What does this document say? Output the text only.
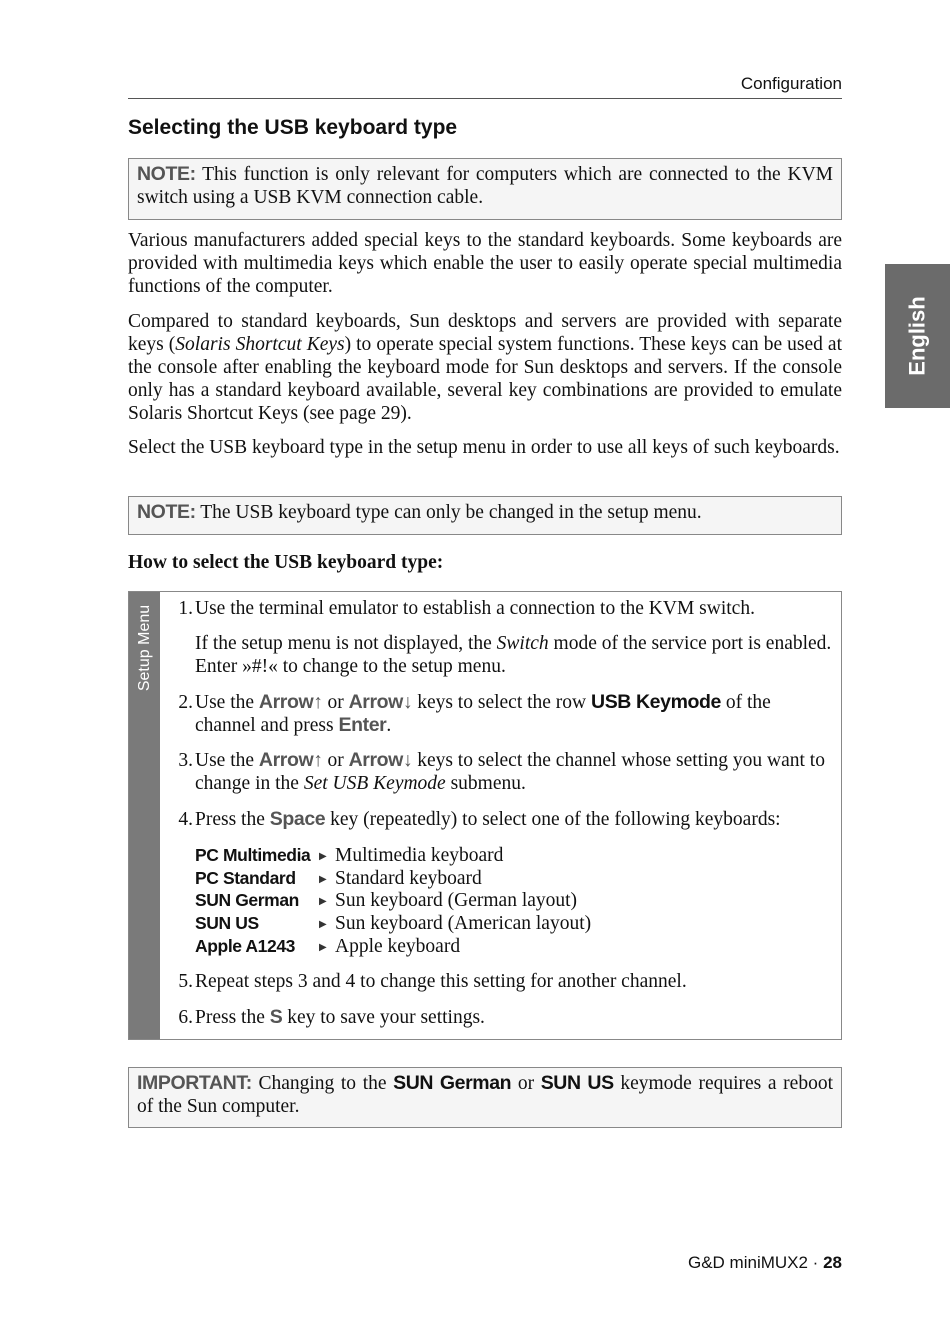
Configuration
English
Selecting the USB keyboard type
NOTE: This function is only relevant for computers which are connected to the KVM switch using a USB KVM connection cable.

Various manufacturers added special keys to the standard keyboards. Some keyboards are provided with multimedia keys which enable the user to easily operate special multimedia functions of the computer.

Compared to standard keyboards, Sun desktops and servers are provided with separate keys (Solaris Shortcut Keys) to operate special system functions. These keys can be used at the console after enabling the keyboard mode for Sun desktops and servers. If the console only has a standard keyboard available, several key combinations are provided to emulate Solaris Shortcut Keys (see page 29).

Select the USB keyboard type in the setup menu in order to use all keys of such keyboards.

NOTE: The USB keyboard type can only be changed in the setup menu.
How to select the USB keyboard type:
Setup Menu	1. Use the terminal emulator to establish a connection to the KVM switch.
If the setup menu is not displayed, the Switch mode of the service port is enabled. Enter »#!« to change to the setup menu.
2. Use the Arrow↑ or Arrow↓ keys to select the row USB Keymode of the channel and press Enter.
3. Use the Arrow↑ or Arrow↓ keys to select the channel whose setting you want to change in the Set USB Keymode submenu.
4. Press the Space key (repeatedly) to select one of the following keyboards:
PC Multimedia ▶ Multimedia keyboard
PC Standard	▶ Standard keyboard
SUN German	▶ Sun keyboard (German layout)
SUN US	▶ Sun keyboard (American layout)
Apple A1243	▶ Apple keyboard
5. Repeat steps 3 and 4 to change this setting for another channel.
6. Press the S key to save your settings.
IMPORTANT: Changing to the SUN German or SUN US keymode requires a reboot of the Sun computer.
G&D miniMUX2 · 28
